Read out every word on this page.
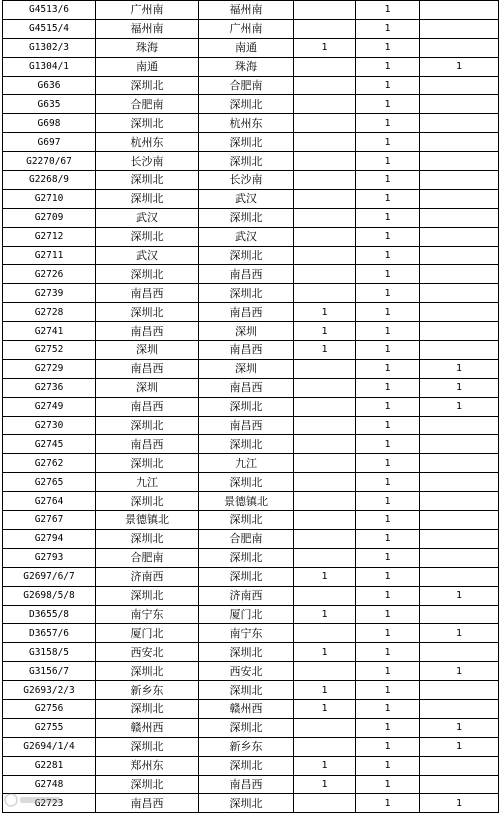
G4513/6	广州南	福州南		1	
G4515/4	福州南	广州南		1	
G1302/3	珠海	南通	1	1	
G1304/1	南通	珠海		1	1
G636	深圳北	合肥南		1	
G635	合肥南	深圳北		1	
G698	深圳北	杭州东		1	
G697	杭州东	深圳北		1	
G2270/67	长沙南	深圳北		1	
G2268/9	深圳北	长沙南		1	
G2710	深圳北	武汉		1	
G2709	武汉	深圳北		1	
G2712	深圳北	武汉		1	
G2711	武汉	深圳北		1	
G2726	深圳北	南昌西		1	
G2739	南昌西	深圳北		1	
G2728	深圳北	南昌西	1	1	
G2741	南昌西	深圳	1	1	
G2752	深圳	南昌西	1	1	
G2729	南昌西	深圳		1	1
G2736	深圳	南昌西		1	1
G2749	南昌西	深圳北		1	1
G2730	深圳北	南昌西		1	
G2745	南昌西	深圳北		1	
G2762	深圳北	九江		1	
G2765	九江	深圳北		1	
G2764	深圳北	景德镇北		1	
G2767	景德镇北	深圳北		1	
G2794	深圳北	合肥南		1	
G2793	合肥南	深圳北		1	
G2697/6/7	济南西	深圳北	1	1	
G2698/5/8	深圳北	济南西		1	1
D3655/8	南宁东	厦门北	1	1	
D3657/6	厦门北	南宁东		1	1
G3158/5	西安北	深圳北	1	1	
G3156/7	深圳北	西安北		1	1
G2693/2/3	新乡东	深圳北	1	1	
G2756	深圳北	赣州西	1	1	
G2755	赣州西	深圳北		1	1
G2694/1/4	深圳北	新乡东		1	1
G2281	郑州东	深圳北	1	1	
G2748	深圳北	南昌西	1	1	
G2723	南昌西	深圳北		1	1
